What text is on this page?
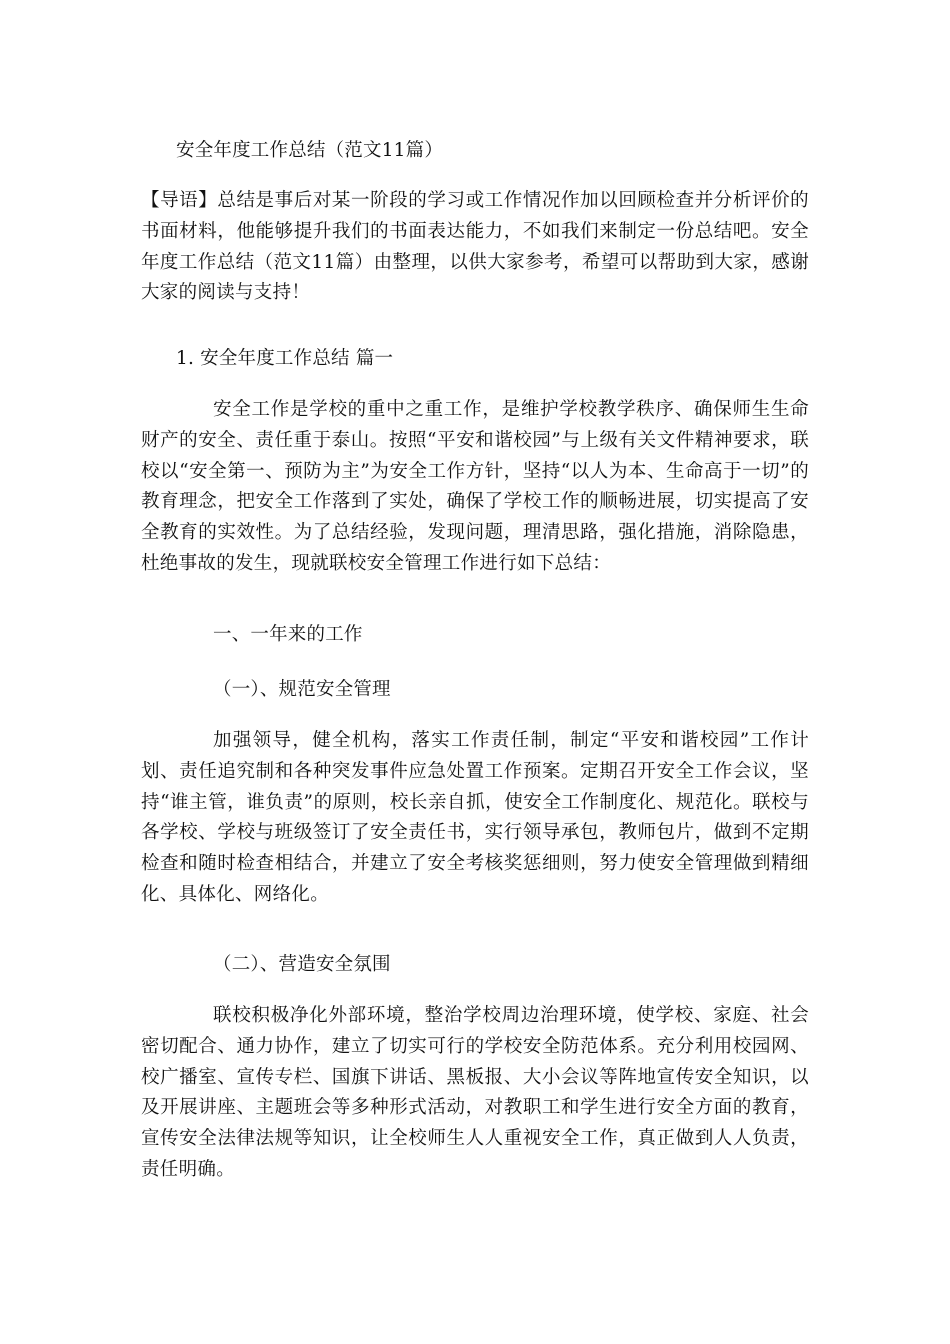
安全年度工作总结（范文11篇）
【导语】总结是事后对某一阶段的学习或工作情况作加以回顾检查并分析评价的书面材料，他能够提升我们的书面表达能力，不如我们来制定一份总结吧。安全年度工作总结（范文11篇）由整理，以供大家参考，希望可以帮助到大家，感谢大家的阅读与支持！
1. 安全年度工作总结 篇一
安全工作是学校的重中之重工作，是维护学校教学秩序、确保师生生命财产的安全、责任重于泰山。按照“平安和谐校园”与上级有关文件精神要求，联校以“安全第一、预防为主”为安全工作方针，坚持“以人为本、生命高于一切”的教育理念，把安全工作落到了实处，确保了学校工作的顺畅进展，切实提高了安全教育的实效性。为了总结经验，发现问题，理清思路，强化措施，消除隐患，杜绝事故的发生，现就联校安全管理工作进行如下总结：
一、一年来的工作
（一）、规范安全管理
加强领导，健全机构，落实工作责任制，制定“平安和谐校园”工作计划、责任追究制和各种突发事件应急处置工作预案。定期召开安全工作会议，坚持“谁主管，谁负责”的原则，校长亲自抓，使安全工作制度化、规范化。联校与各学校、学校与班级签订了安全责任书，实行领导承包，教师包片，做到不定期检查和随时检查相结合，并建立了安全考核奖惩细则，努力使安全管理做到精细化、具体化、网络化。
（二）、营造安全氛围
联校积极净化外部环境，整治学校周边治理环境，使学校、家庭、社会密切配合、通力协作，建立了切实可行的学校安全防范体系。充分利用校园网、校广播室、宣传专栏、国旗下讲话、黑板报、大小会议等阵地宣传安全知识，以及开展讲座、主题班会等多种形式活动，对教职工和学生进行安全方面的教育，宣传安全法律法规等知识，让全校师生人人重视安全工作，真正做到人人负责，责任明确。
